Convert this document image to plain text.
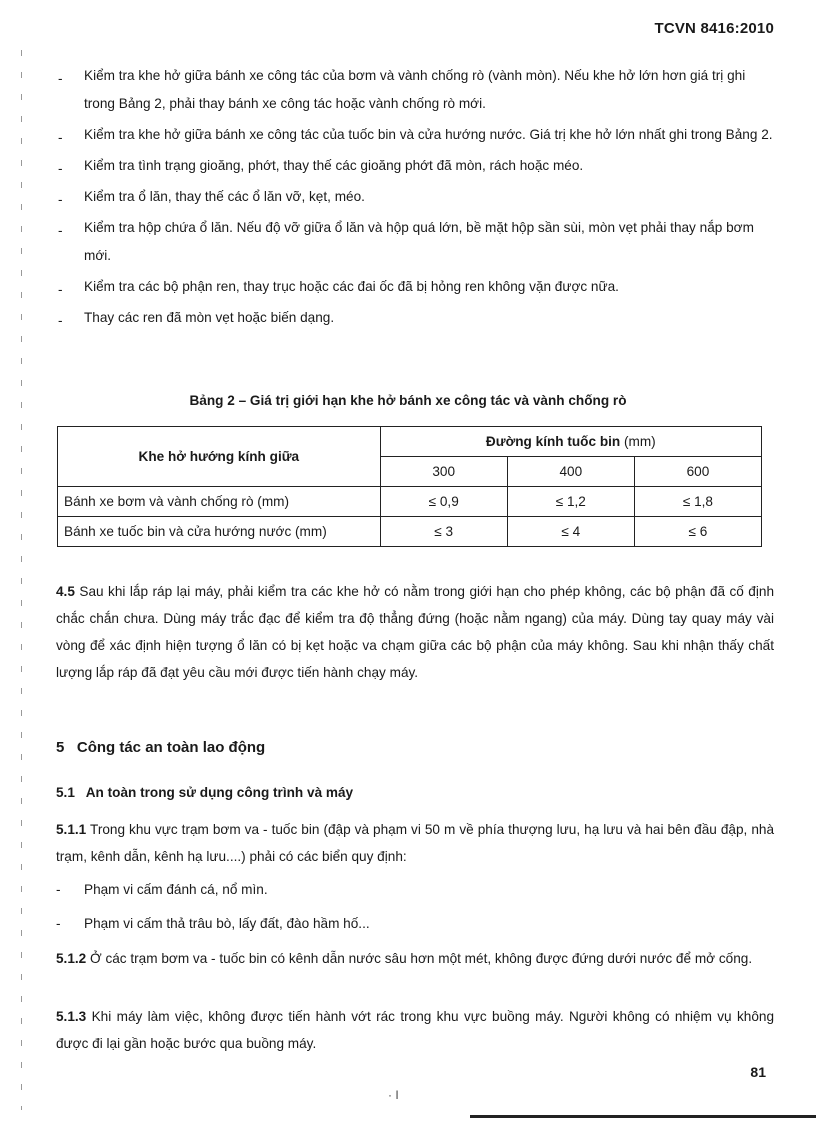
TCVN 8416:2010
- Kiểm tra khe hở giữa bánh xe công tác của bơm và vành chống rò (vành mòn). Nếu khe hở lớn hơn giá trị ghi trong Bảng 2, phải thay bánh xe công tác hoặc vành chống rò mới.
- Kiểm tra khe hở giữa bánh xe công tác của tuốc bin và cửa hướng nước. Giá trị khe hở lớn nhất ghi trong Bảng 2.
- Kiểm tra tình trạng gioăng, phớt, thay thế các gioăng phớt đã mòn, rách hoặc méo.
- Kiểm tra ổ lăn, thay thế các ổ lăn vỡ, kẹt, méo.
- Kiểm tra hộp chứa ổ lăn. Nếu độ vỡ giữa ổ lăn và hộp quá lớn, bề mặt hộp sần sùi, mòn vẹt phải thay nắp bơm mới.
- Kiểm tra các bộ phận ren, thay trục hoặc các đai ốc đã bị hỏng ren không vặn được nữa.
- Thay các ren đã mòn vẹt hoặc biến dạng.
Bảng 2 – Giá trị giới hạn khe hở bánh xe công tác và vành chống rò
Khe hở hướng kính giữa	Đường kính tuốc bin (mm)		
	300	400	600
Bánh xe bơm và vành chống rò (mm)	≤ 0,9	≤ 1,2	≤ 1,8
Bánh xe tuốc bin và cửa hướng nước (mm)	≤ 3	≤ 4	≤ 6

4.5 Sau khi lắp ráp lại máy, phải kiểm tra các khe hở có nằm trong giới hạn cho phép không, các bộ phận đã cố định chắc chắn chưa. Dùng máy trắc đạc để kiểm tra độ thẳng đứng (hoặc nằm ngang) của máy. Dùng tay quay máy vài vòng để xác định hiện tượng ổ lăn có bị kẹt hoặc va chạm giữa các bộ phận của máy không. Sau khi nhận thấy chất lượng lắp ráp đã đạt yêu cầu mới được tiến hành chạy máy.

5 Công tác an toàn lao động
5.1 An toàn trong sử dụng công trình và máy

5.1.1 Trong khu vực trạm bơm va - tuốc bin (đập và phạm vi 50 m về phía thượng lưu, hạ lưu và hai bên đầu đập, nhà trạm, kênh dẫn, kênh hạ lưu....) phải có các biển quy định:

- Phạm vi cấm đánh cá, nổ mìn.
- Phạm vi cấm thả trâu bò, lấy đất, đào hầm hố...

5.1.2 Ở các trạm bơm va - tuốc bin có kênh dẫn nước sâu hơn một mét, không được đứng dưới nước để mở cống.

5.1.3 Khi máy làm việc, không được tiến hành vớt rác trong khu vực buồng máy. Người không có nhiệm vụ không được đi lại gần hoặc bước qua buồng máy.

81
· I
